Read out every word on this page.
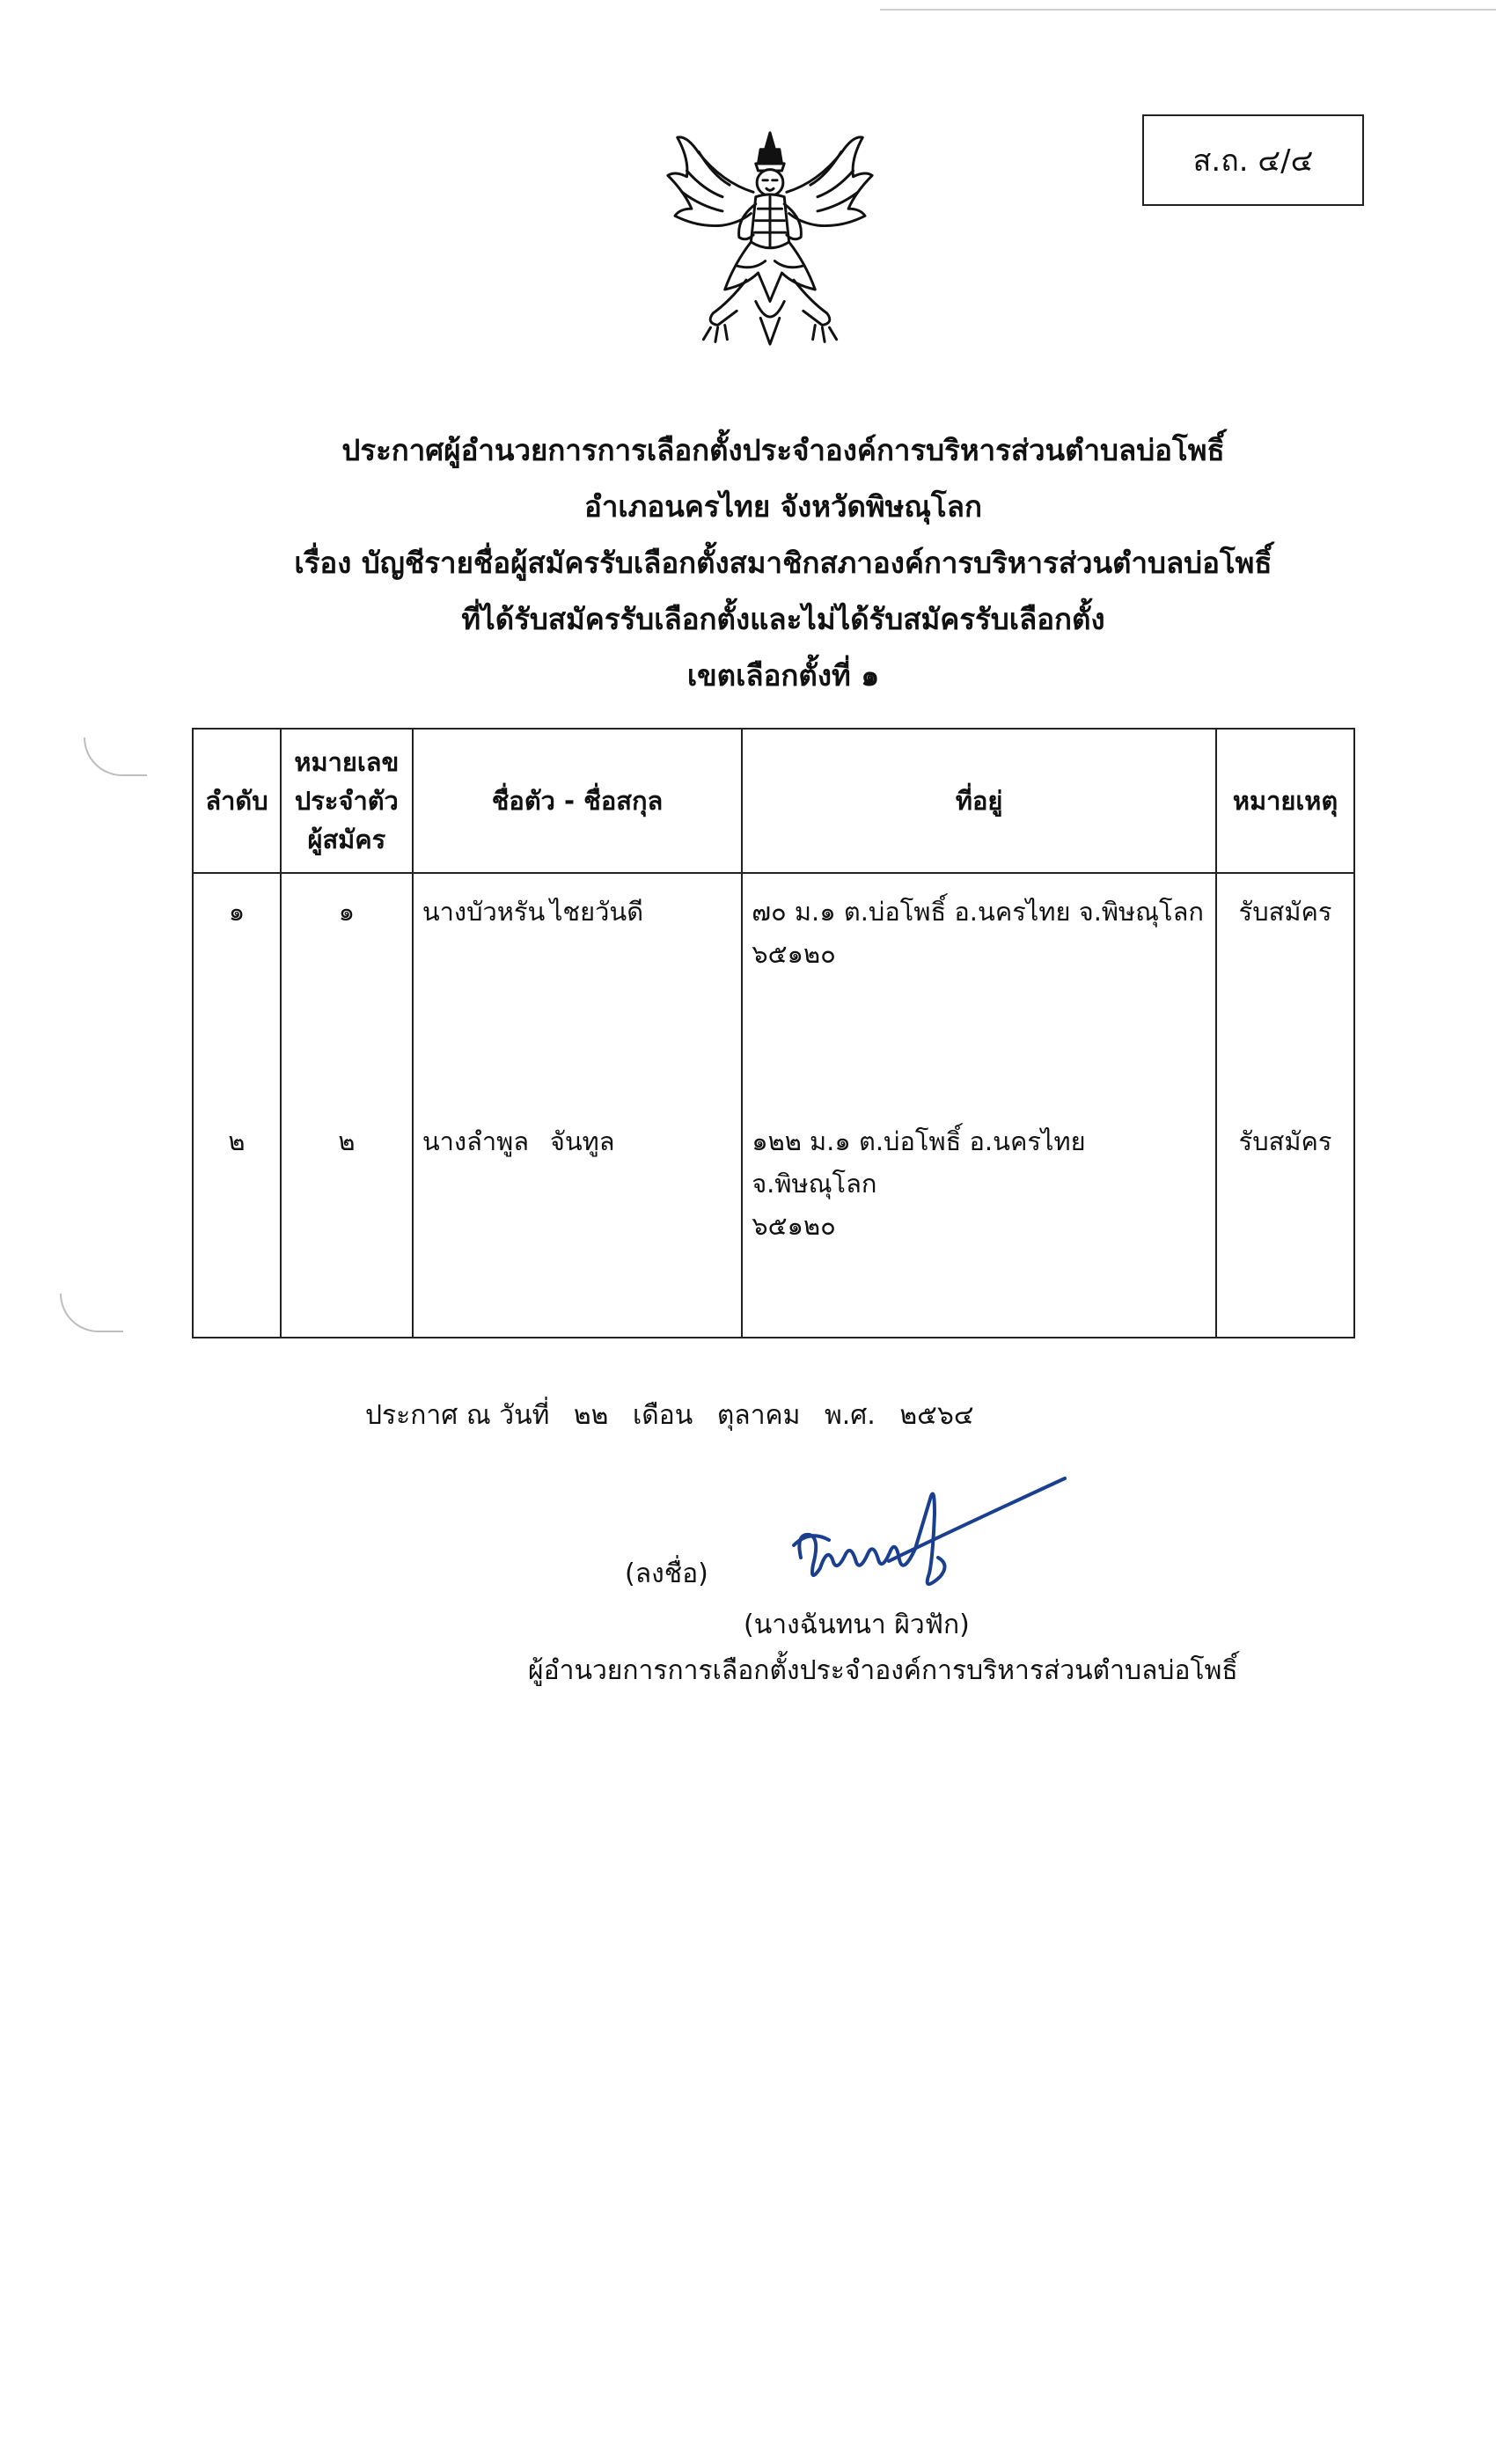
ส.ถ. ๔/๔
ประกาศผู้อำนวยการการเลือกตั้งประจำองค์การบริหารส่วนตำบลบ่อโพธิ์
อำเภอนครไทย จังหวัดพิษณุโลก
เรื่อง บัญชีรายชื่อผู้สมัครรับเลือกตั้งสมาชิกสภาองค์การบริหารส่วนตำบลบ่อโพธิ์
ที่ได้รับสมัครรับเลือกตั้งและไม่ได้รับสมัครรับเลือกตั้ง
เขตเลือกตั้งที่ ๑
ลำดับ	หมายเลข
ประจำตัว
ผู้สมัคร	ชื่อตัว - ชื่อสกุล	ที่อยู่	หมายเหตุ

๑	๑	นางบัวหรัน ไชยวันดี	๗๐ ม.๑ ต.บ่อโพธิ์ อ.นครไทย จ.พิษณุโลก
๖๕๑๒๐	รับสมัคร

๒	๒	นางลำพูล จันทูล	๑๒๒ ม.๑ ต.บ่อโพธิ์ อ.นครไทย จ.พิษณุโลก
๖๕๑๒๐	รับสมัคร

ประกาศ ณ วันที่ ๒๒ เดือน ตุลาคม พ.ศ. ๒๕๖๔
(ลงชื่อ)
(นางฉันทนา ผิวฟัก)
ผู้อำนวยการการเลือกตั้งประจำองค์การบริหารส่วนตำบลบ่อโพธิ์
